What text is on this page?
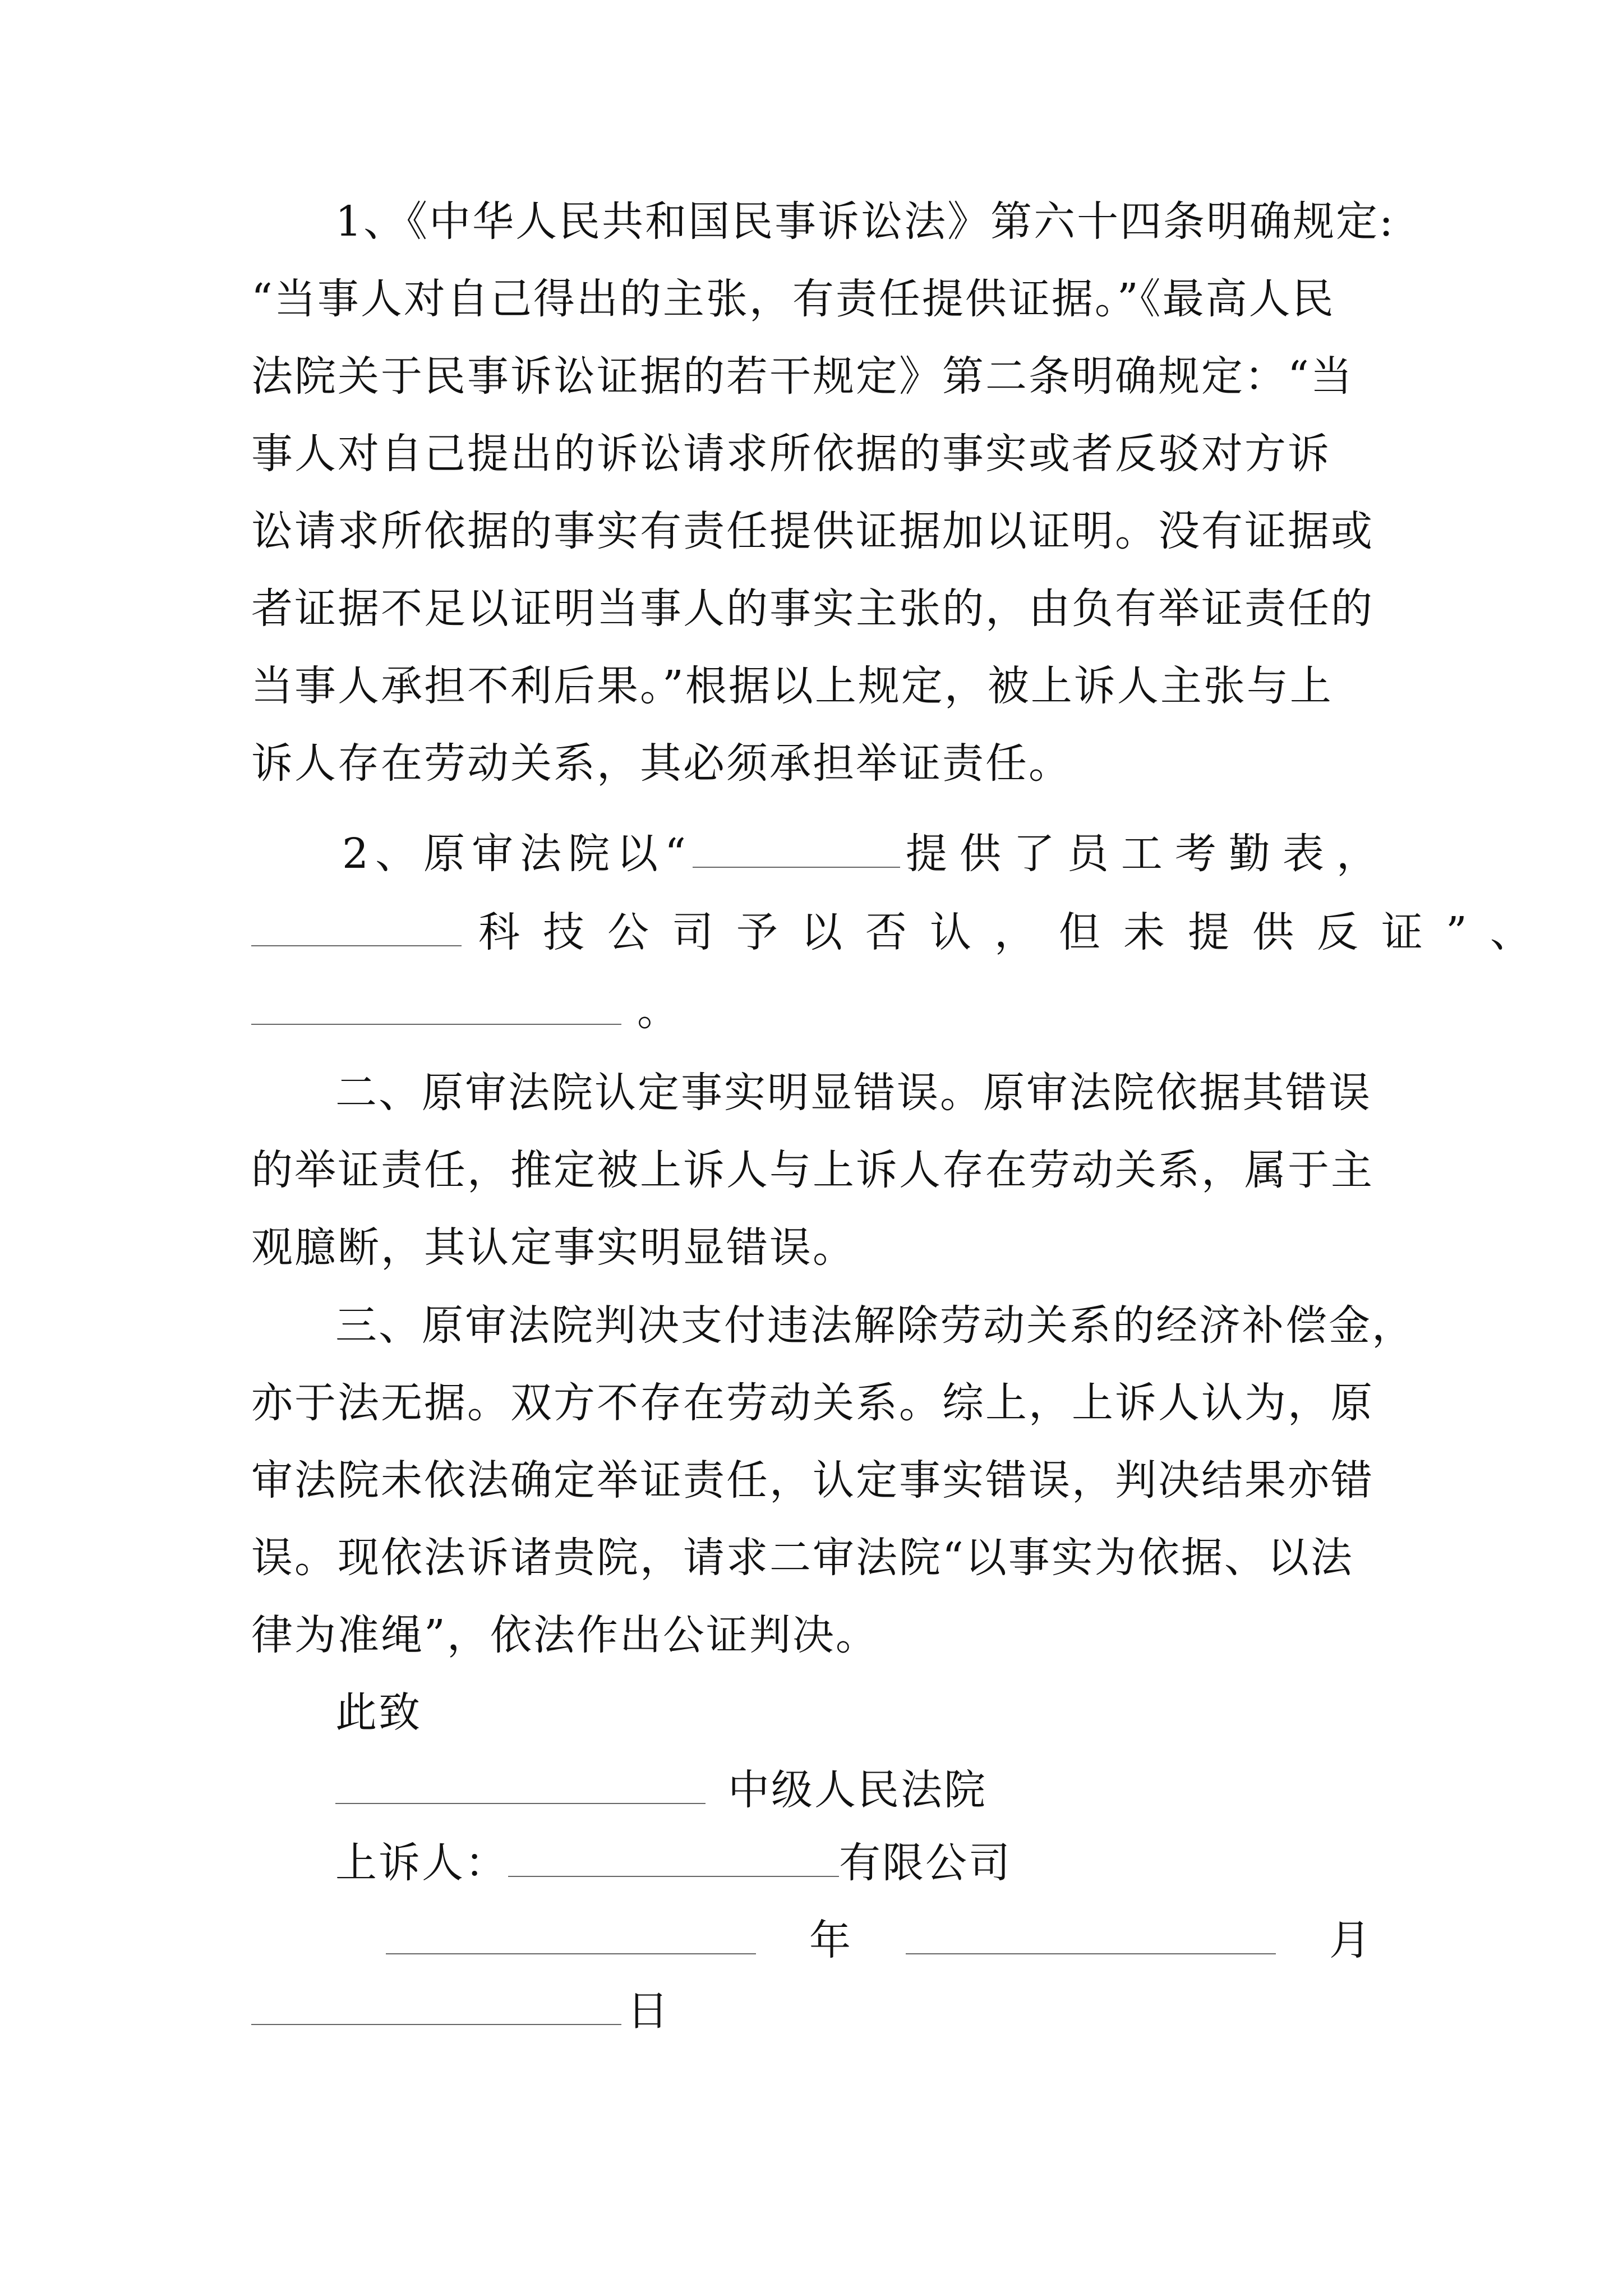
1、《中华人民共和国民事诉讼法》第六十四条明确规定:
“当事人对自己得出的主张，有责任提供证据。”《最高人民
法院关于民事诉讼证据的若干规定》第二条明确规定：“当
事人对自己提出的诉讼请求所依据的事实或者反驳对方诉
讼请求所依据的事实有责任提供证据加以证明。没有证据或
者证据不足以证明当事人的事实主张的，由负有举证责任的
当事人承担不利后果。”根据以上规定，被上诉人主张与上
诉人存在劳动关系，其必须承担举证责任。
2、原审法院以“	提供了员工考勤表，
科技公司予以否认，但未提供反证”、
。
二、原审法院认定事实明显错误。原审法院依据其错误
的举证责任，推定被上诉人与上诉人存在劳动关系，属于主
观臆断，其认定事实明显错误。
三、原审法院判决支付违法解除劳动关系的经济补偿金，
亦于法无据。双方不存在劳动关系。综上，上诉人认为，原
审法院未依法确定举证责任，认定事实错误，判决结果亦错
误。现依法诉诸贵院，请求二审法院“以事实为依据、以法
律为准绳”，依法作出公证判决。
此致
中级人民法院
上诉人：	有限公司
年	月
日
